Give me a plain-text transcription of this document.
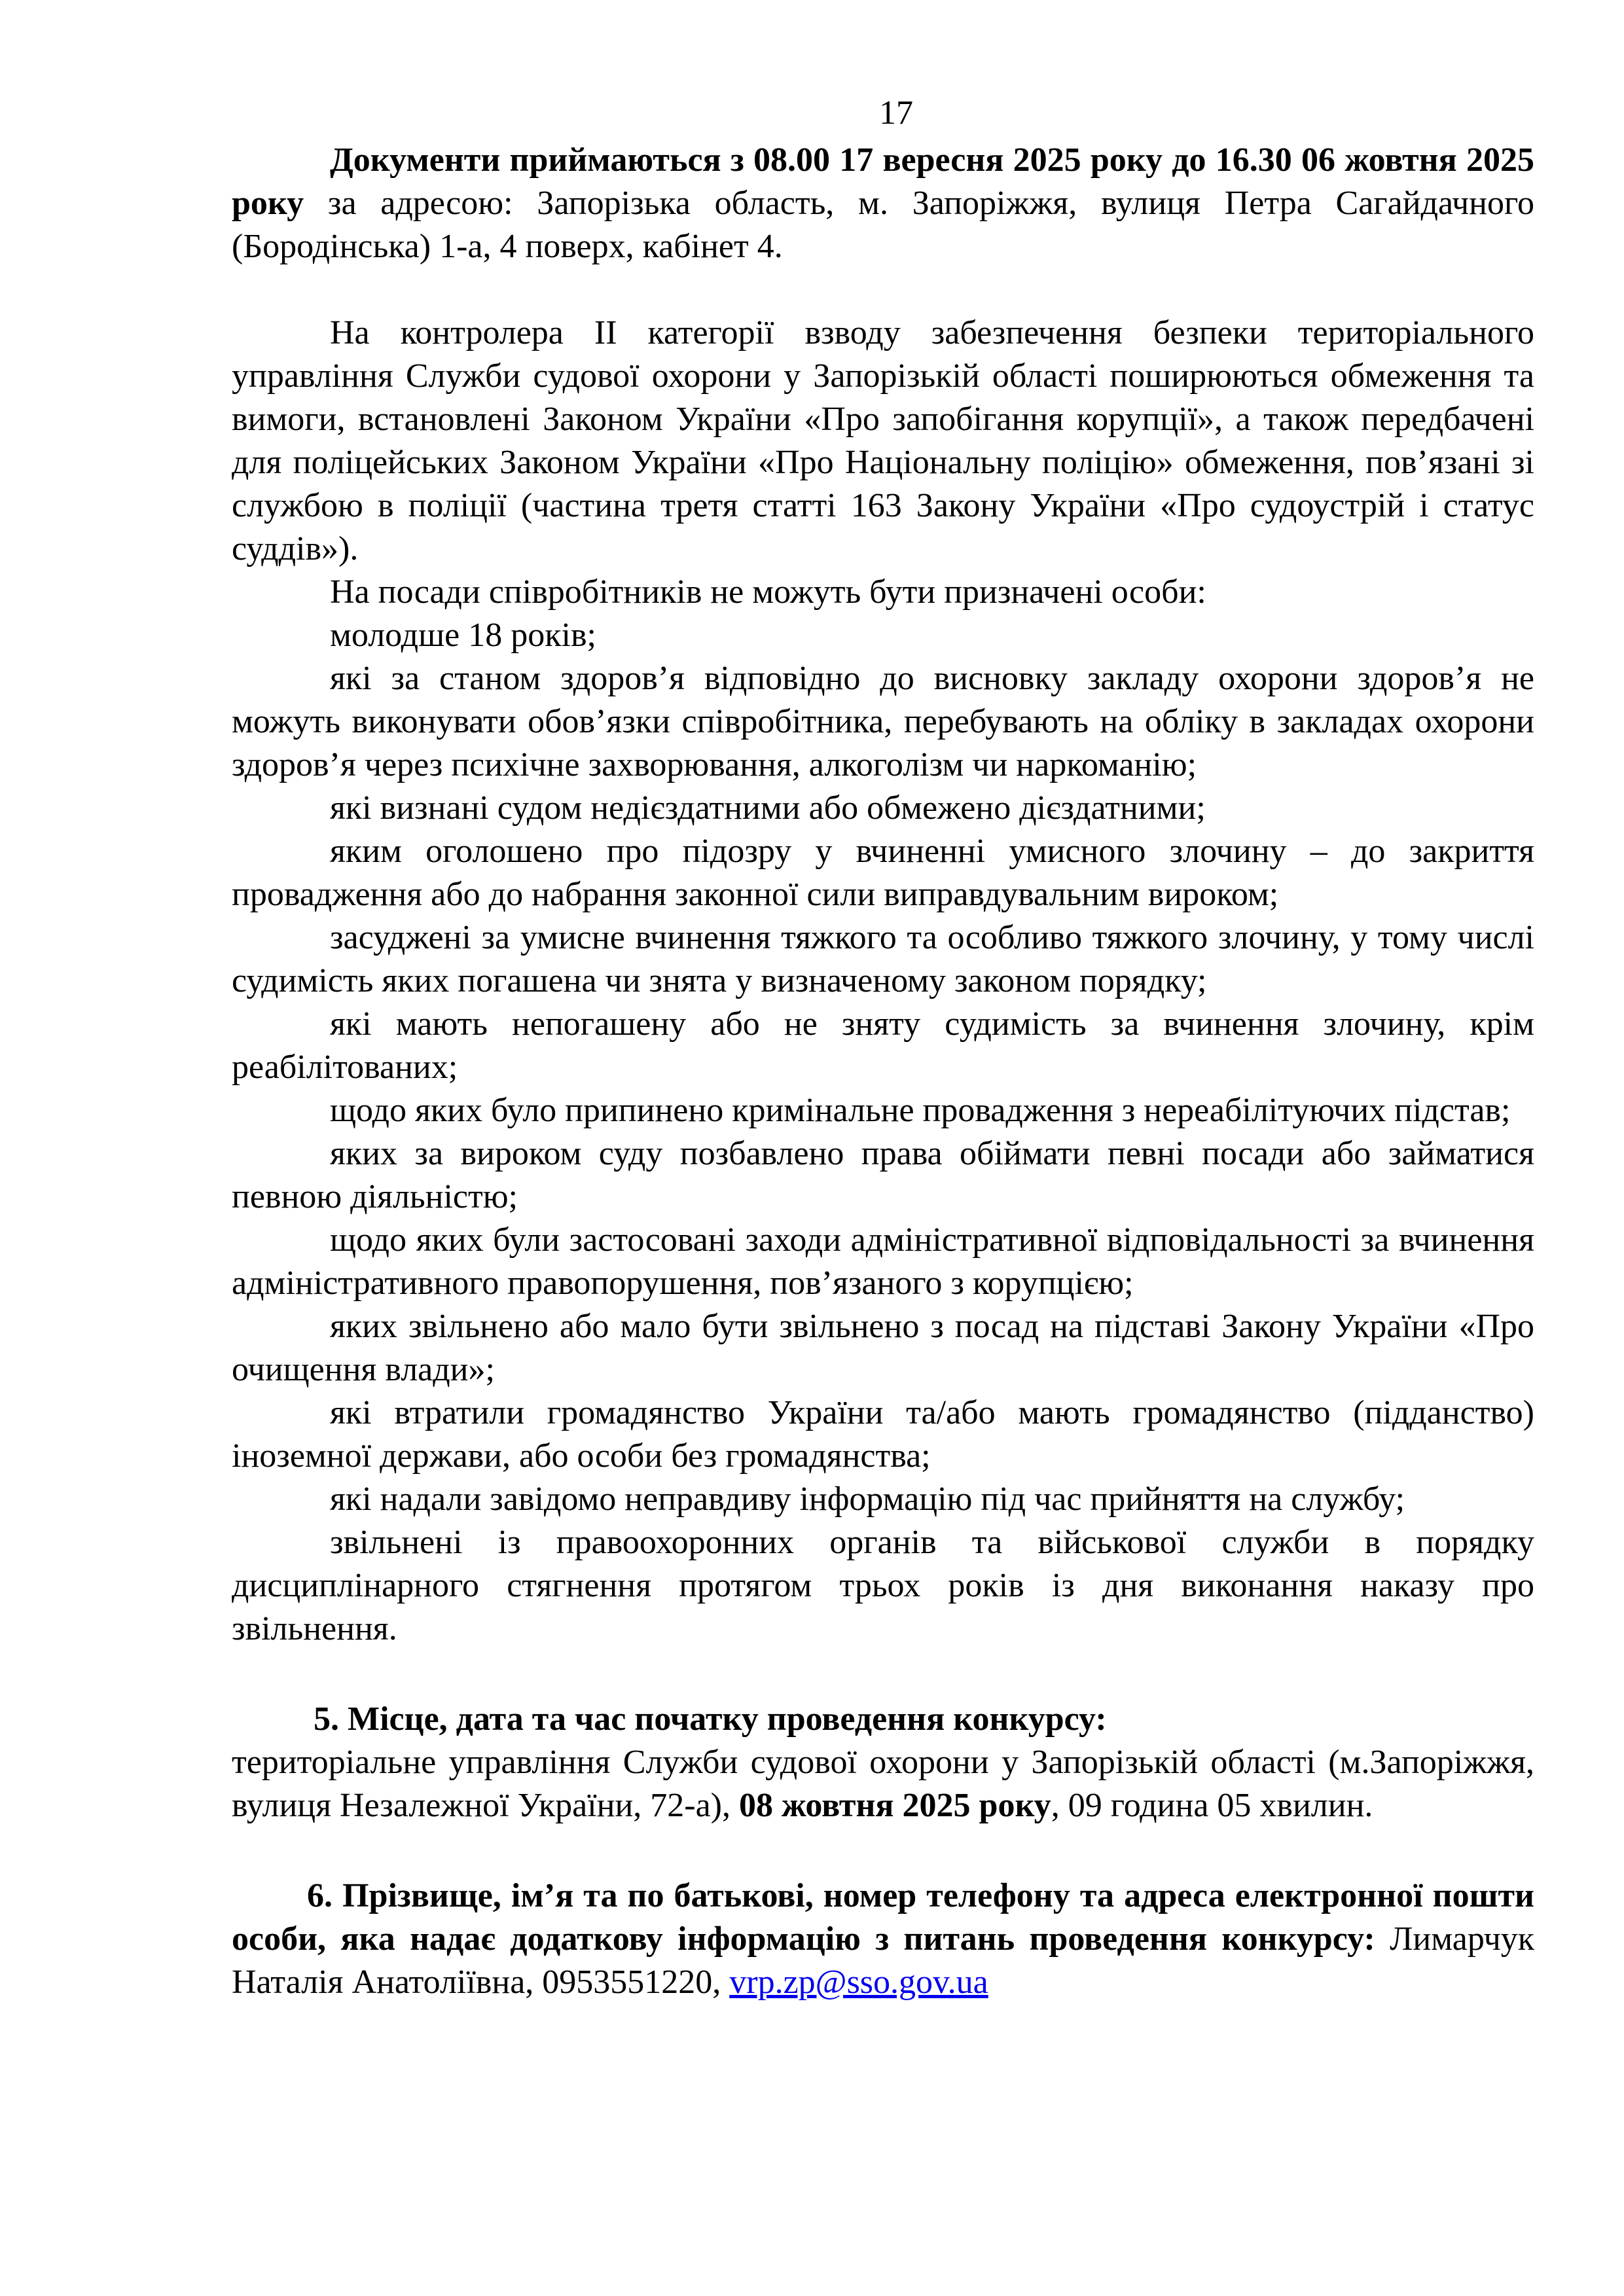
17

Документи приймаються з 08.00 17 вересня 2025 року до 16.30 06 жовтня 2025 року за адресою: Запорізька область, м. Запоріжжя, вулиця Петра Сагайдачного (Бородінська) 1-а, 4 поверх, кабінет 4.

На контролера ІІ категорії взводу забезпечення безпеки територіального управління Служби судової охорони у Запорізькій області поширюються обмеження та вимоги, встановлені Законом України «Про запобігання корупції», а також передбачені для поліцейських Законом України «Про Національну поліцію» обмеження, пов’язані зі службою в поліції (частина третя статті 163 Закону України «Про судоустрій і статус суддів»).

На посади співробітників не можуть бути призначені особи:

молодше 18 років;

які за станом здоров’я відповідно до висновку закладу охорони здоров’я не можуть виконувати обов’язки співробітника, перебувають на обліку в закладах охорони здоров’я через психічне захворювання, алкоголізм чи наркоманію;

які визнані судом недієздатними або обмежено дієздатними;

яким оголошено про підозру у вчиненні умисного злочину – до закриття провадження або до набрання законної сили виправдувальним вироком;

засуджені за умисне вчинення тяжкого та особливо тяжкого злочину, у тому числі судимість яких погашена чи знята у визначеному законом порядку;

які мають непогашену або не зняту судимість за вчинення злочину, крім реабілітованих;

щодо яких було припинено кримінальне провадження з нереабілітуючих підстав;

яких за вироком суду позбавлено права обіймати певні посади або займатися певною діяльністю;

щодо яких були застосовані заходи адміністративної відповідальності за вчинення адміністративного правопорушення, пов’язаного з корупцією;

яких звільнено або мало бути звільнено з посад на підставі Закону України «Про очищення влади»;

які втратили громадянство України та/або мають громадянство (підданство) іноземної держави, або особи без громадянства;

які надали завідомо неправдиву інформацію під час прийняття на службу;

звільнені із правоохоронних органів та військової служби в порядку дисциплінарного стягнення протягом трьох років із дня виконання наказу про звільнення.

5. Місце, дата та час початку проведення конкурсу:

територіальне управління Служби судової охорони у Запорізькій області (м.Запоріжжя, вулиця Незалежної України, 72-а), 08 жовтня 2025 року, 09 година 05 хвилин.

6. Прізвище, ім’я та по батькові, номер телефону та адреса електронної пошти особи, яка надає додаткову інформацію з питань проведення конкурсу: Лимарчук Наталія Анатоліївна, 0953551220, vrp.zp@sso.gov.ua
